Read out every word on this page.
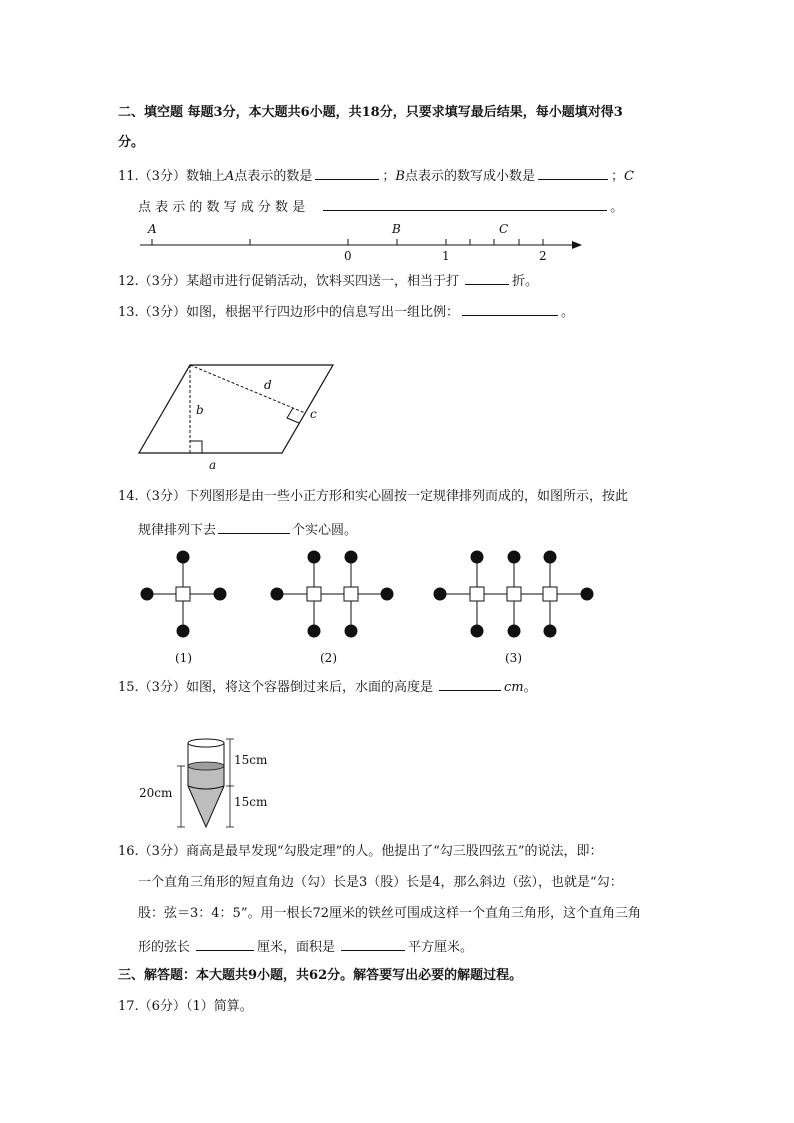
二、填空题 每题3分，本大题共6小题，共18分，只要求填写最后结果，每小题填对得3
分。
11.（3分）数轴上A点表示的数是	；B点表示的数写成小数是	；C
点 表 示 的 数 写 成 分 数 是	。
A	B	C
0	1	2
12.（3分）某超市进行促销活动，饮料买四送一，相当于打	折。
13.（3分）如图，根据平行四边形中的信息写出一组比例：	。
d
b	c
a
14.（3分）下列图形是由一些小正方形和实心圆按一定规律排列而成的，如图所示，按此
规律排列下去	个实心圆。
(1)	(2)	(3)
15.（3分）如图，将这个容器倒过来后，水面的高度是	cm。
15cm
15cm
20cm
16.（3分）商高是最早发现“勾股定理”的人。他提出了“勾三股四弦五”的说法，即：
一个直角三角形的短直角边（勾）长是3（股）长是4，那么斜边（弦），也就是“勾：
股：弦＝3：4：5”。用一根长72厘米的铁丝可围成这样一个直角三角形，这个直角三角
形的弦长	厘米，面积是	平方厘米。
三、解答题：本大题共9小题，共62分。解答要写出必要的解题过程。
17.（6分）（1）简算。
